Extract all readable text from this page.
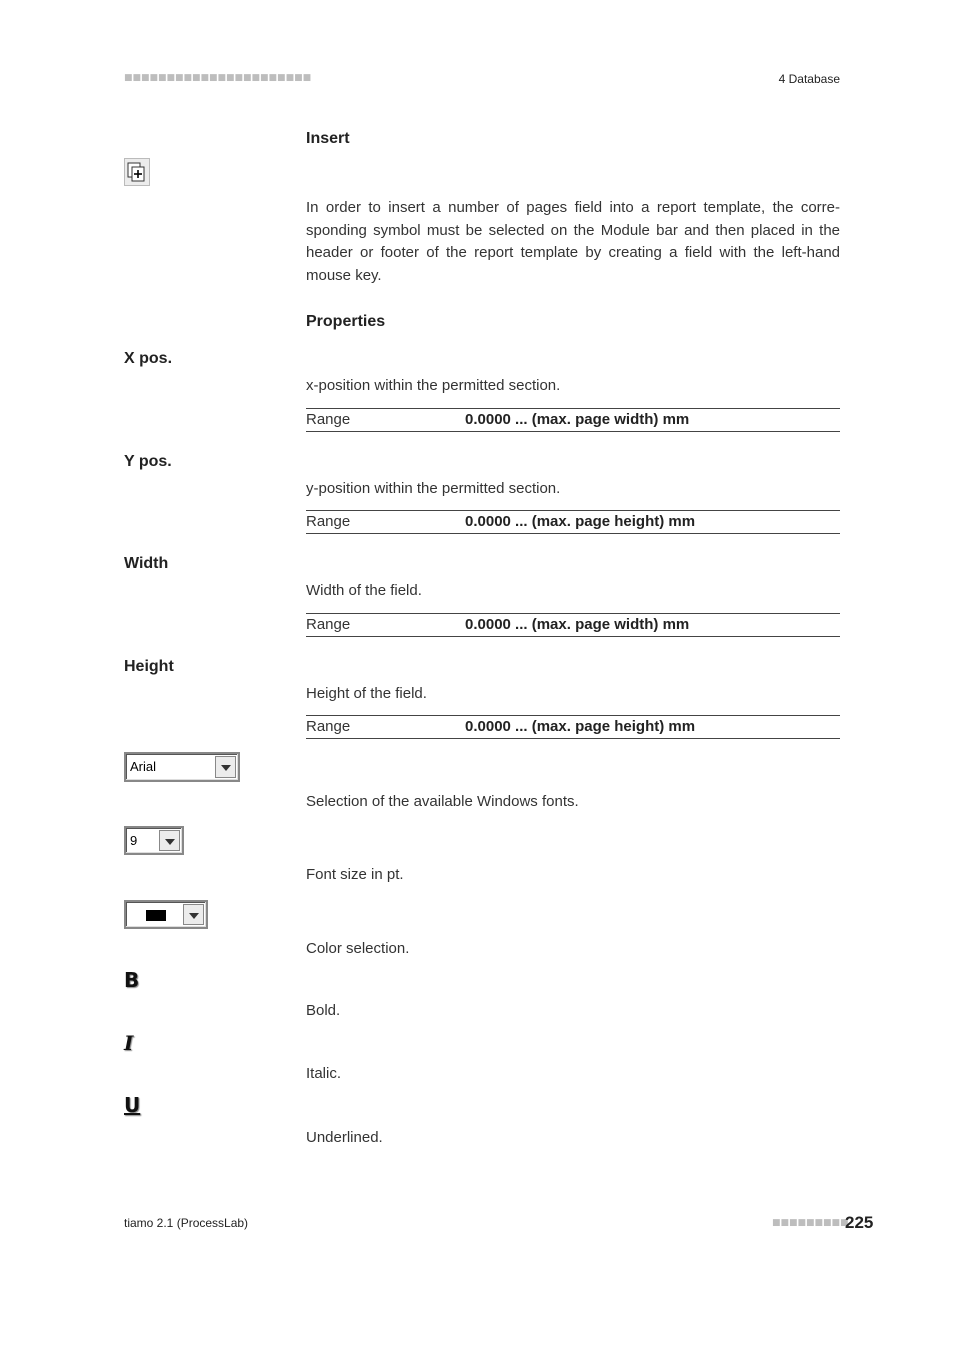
■■■■■■■■■■■■■■■■■■■■■■	4 Database
Insert
In order to insert a number of pages field into a report template, the corre-sponding symbol must be selected on the Module bar and then placed in the header or footer of the report template by creating a field with the left-hand mouse key.
Properties
X pos.
x-position within the permitted section.
Range	0.0000 ... (max. page width) mm
Y pos.
y-position within the permitted section.
Range	0.0000 ... (max. page height) mm
Width
Width of the field.
Range	0.0000 ... (max. page width) mm
Height
Height of the field.
Range	0.0000 ... (max. page height) mm
Arial
Selection of the available Windows fonts.
9
Font size in pt.
Color selection.
B
Bold.
I
Italic.
U
Underlined.
tiamo 2.1 (ProcessLab)	■■■■■■■■■
225
